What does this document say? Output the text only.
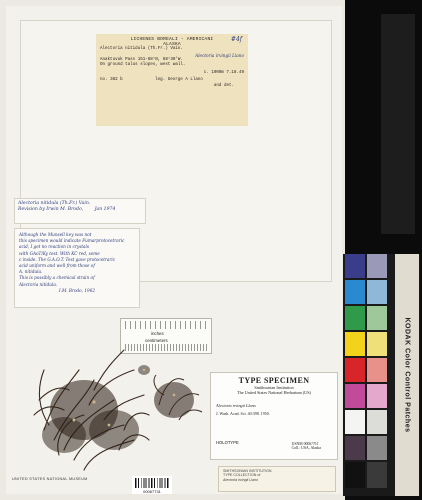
#4f
LICHENES BOREALI - AMERICANI
ALASKA
Alectoria nitidula (Th.Fr.) Vain.
Alectoria irvingii Llano
Anaktuvuk Pass 151-68°N, 68°30'W.
On ground talus slopes, west wall.
c. 1000m 7.18.49
no. 382 b	leg. George A Llano
and det.
Alectoria nitidula (Th.Fr.) Vain.
Revision by Irwin M. Brodo, Jan 1974
Although the Munsell key was not
this specimen would indicate Fumarprotocetraric
acid, I get no reaction in crystals
with GAoT/Ky test. With KC red, some
c inside. The G.A.O.T. Test gave protocetraric
acid uniform and well from those of
A. nitidula.
This is possibly a chemical strain of
Alectoria nitidula.
I.M. Brodo, 1962
inches
centimeters
TYPE SPECIMEN
Smithsonian Institution
The United States National Herbarium (US)
Alectoria irvingii Llano
J. Wash. Acad. Sci. 40:398. 1950.
HOLOTYPE	USNM 0006??51
Coll.: USA, Alaska
SMITHSONIAN INSTITUTION
TYPE COLLECTION of
Alectoria irvingii Llano
UNITED STATES NATIONAL MUSEUM
00067731
KODAK Color Control Patches
